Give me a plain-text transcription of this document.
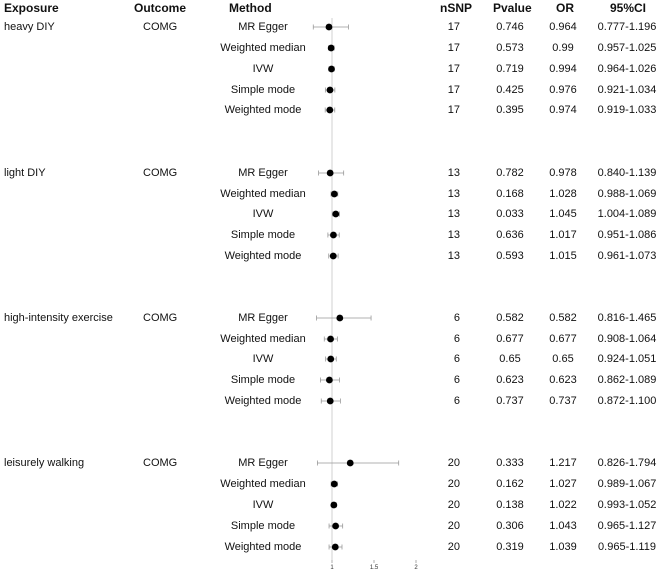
Exposure	Outcome	Method	nSNP Pvalue OR	95%CI
heavy DIY	COMG	MR Egger	17	0.746	0.964	0.777-1.196
Weighted median	17	0.573	0.99	0.957-1.025
IVW	17	0.719	0.994	0.964-1.026
Simple mode	17	0.425	0.976	0.921-1.034
Weighted mode	17	0.395	0.974	0.919-1.033
light DIY	COMG	MR Egger	13	0.782	0.978	0.840-1.139
Weighted median	13	0.168	1.028	0.988-1.069
IVW	13	0.033	1.045	1.004-1.089
Simple mode	13	0.636	1.017	0.951-1.086
Weighted mode	13	0.593	1.015	0.961-1.073
high-intensity exercise	COMG	MR Egger	6	0.582	0.582	0.816-1.465
Weighted median	6	0.677	0.677	0.908-1.064
IVW	6	0.65	0.65	0.924-1.051
Simple mode	6	0.623	0.623	0.862-1.089
Weighted mode	6	0.737	0.737	0.872-1.100
leisurely walking	COMG	MR Egger	20	0.333	1.217	0.826-1.794
Weighted median	20	0.162	1.027	0.989-1.067
IVW	20	0.138	1.022	0.993-1.052
Simple mode	20	0.306	1.043	0.965-1.127
Weighted mode	20	0.319	1.039	0.965-1.119
1	1.5	2
